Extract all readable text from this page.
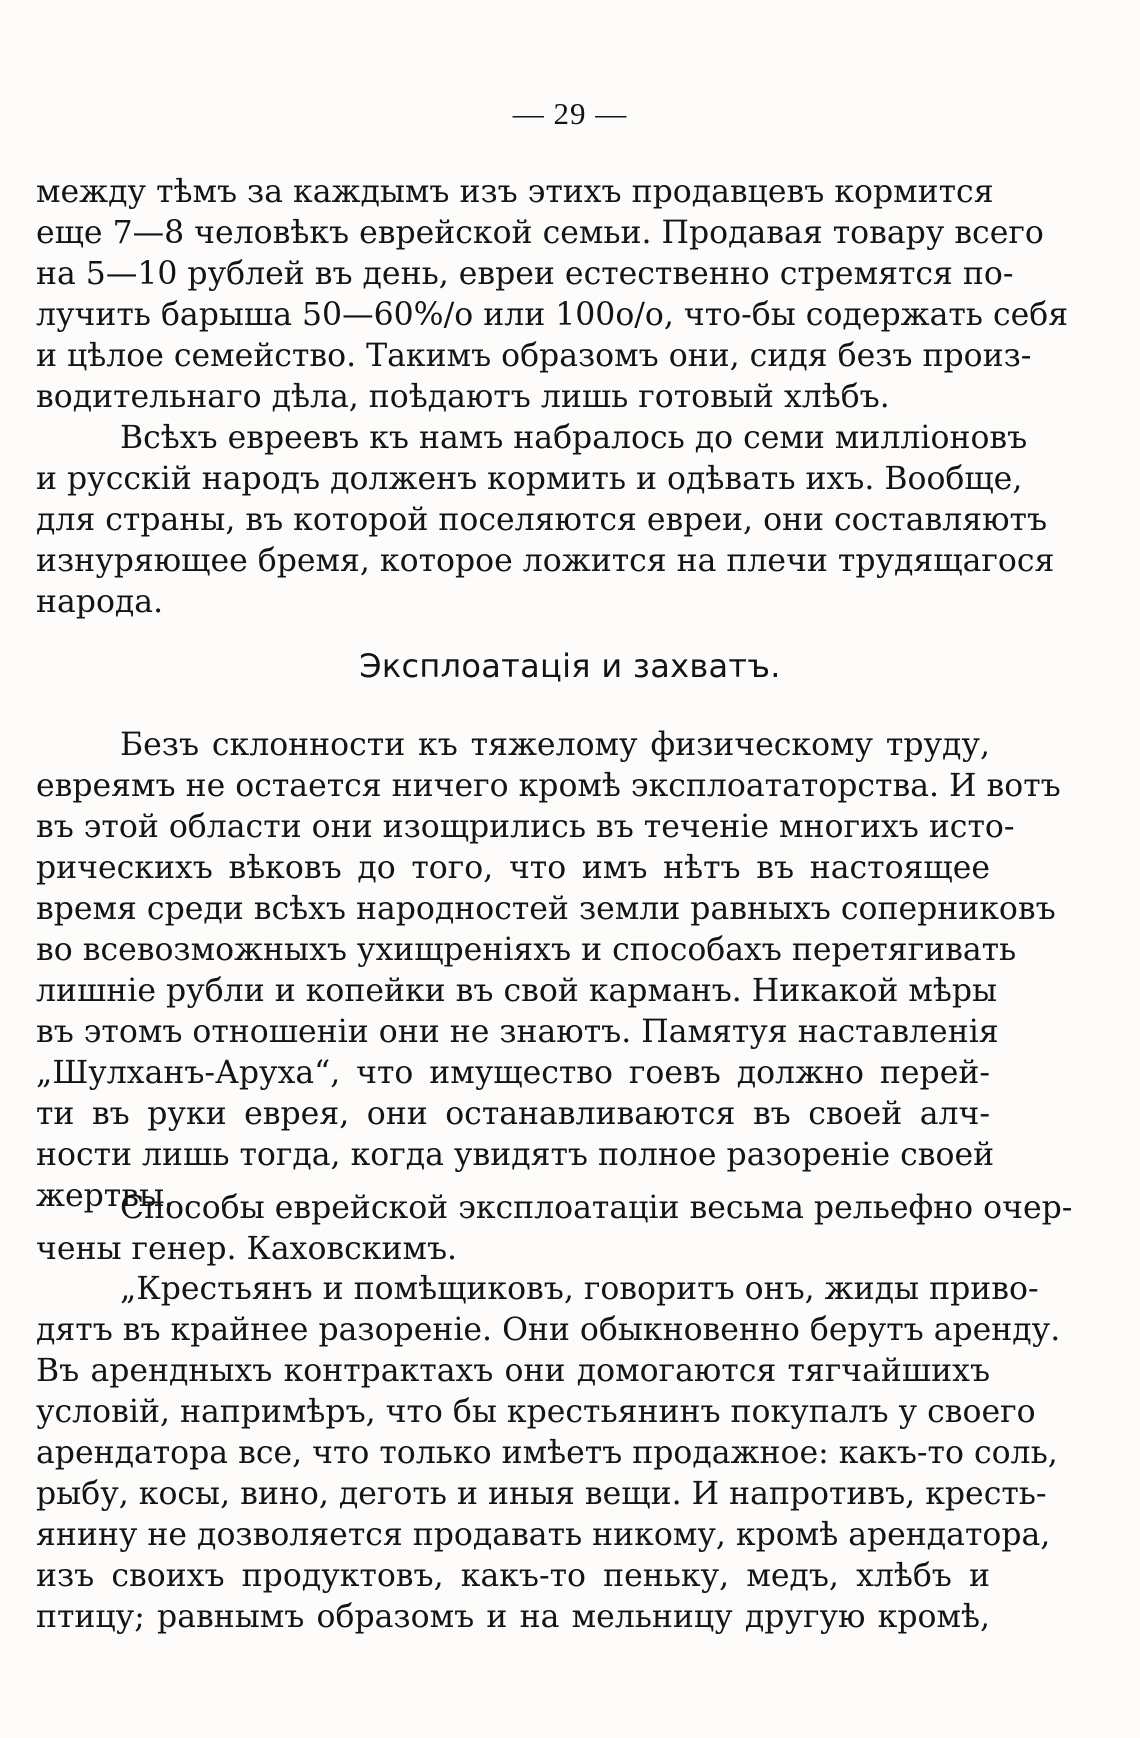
— 29 —
между тѣмъ за каждымъ изъ этихъ продавцевъ кормится
еще 7—8 человѣкъ еврейской семьи. Продавая товару всего
на 5—10 рублей въ день, евреи естественно стремятся по-
лучить барыша 50—60%/о или 100о/о, что-бы содержать себя
и цѣлое семейство. Такимъ образомъ они, сидя безъ произ-
водительнаго дѣла, поѣдаютъ лишь готовый хлѣбъ.
Всѣхъ евреевъ къ намъ набралось до семи милліоновъ
и русскій народъ долженъ кормить и одѣвать ихъ. Вообще,
для страны, въ которой поселяются евреи, они составляютъ
изнуряющее бремя, которое ложится на плечи трудящагося
народа.
Эксплоатація и захватъ.
Безъ склонности къ тяжелому физическому труду,
евреямъ не остается ничего кромѣ эксплоататорства. И вотъ
въ этой области они изощрились въ теченіе многихъ исто-
рическихъ вѣковъ до того, что имъ нѣтъ въ настоящее
время среди всѣхъ народностей земли равныхъ соперниковъ
во всевозможныхъ ухищреніяхъ и способахъ перетягивать
лишніе рубли и копейки въ свой карманъ. Никакой мѣры
въ этомъ отношеніи они не знаютъ. Памятуя наставленія
„Шулханъ-Аруха“, что имущество гоевъ должно перей-
ти въ руки еврея, они останавливаются въ своей алч-
ности лишь тогда, когда увидятъ полное разореніе своей
жертвы.
Способы еврейской эксплоатаціи весьма рельефно очер-
чены генер. Каховскимъ.
„Крестьянъ и помѣщиковъ, говоритъ онъ, жиды приво-
дятъ въ крайнее разореніе. Они обыкновенно берутъ аренду.
Въ арендныхъ контрактахъ они домогаются тягчайшихъ
условій, напримѣръ, что бы крестьянинъ покупалъ у своего
арендатора все, что только имѣетъ продажное: какъ-то соль,
рыбу, косы, вино, деготь и иныя вещи. И напротивъ, кресть-
янину не дозволяется продавать никому, кромѣ арендатора,
изъ своихъ продуктовъ, какъ-то пеньку, медъ, хлѣбъ и
птицу; равнымъ образомъ и на мельницу другую кромѣ,
